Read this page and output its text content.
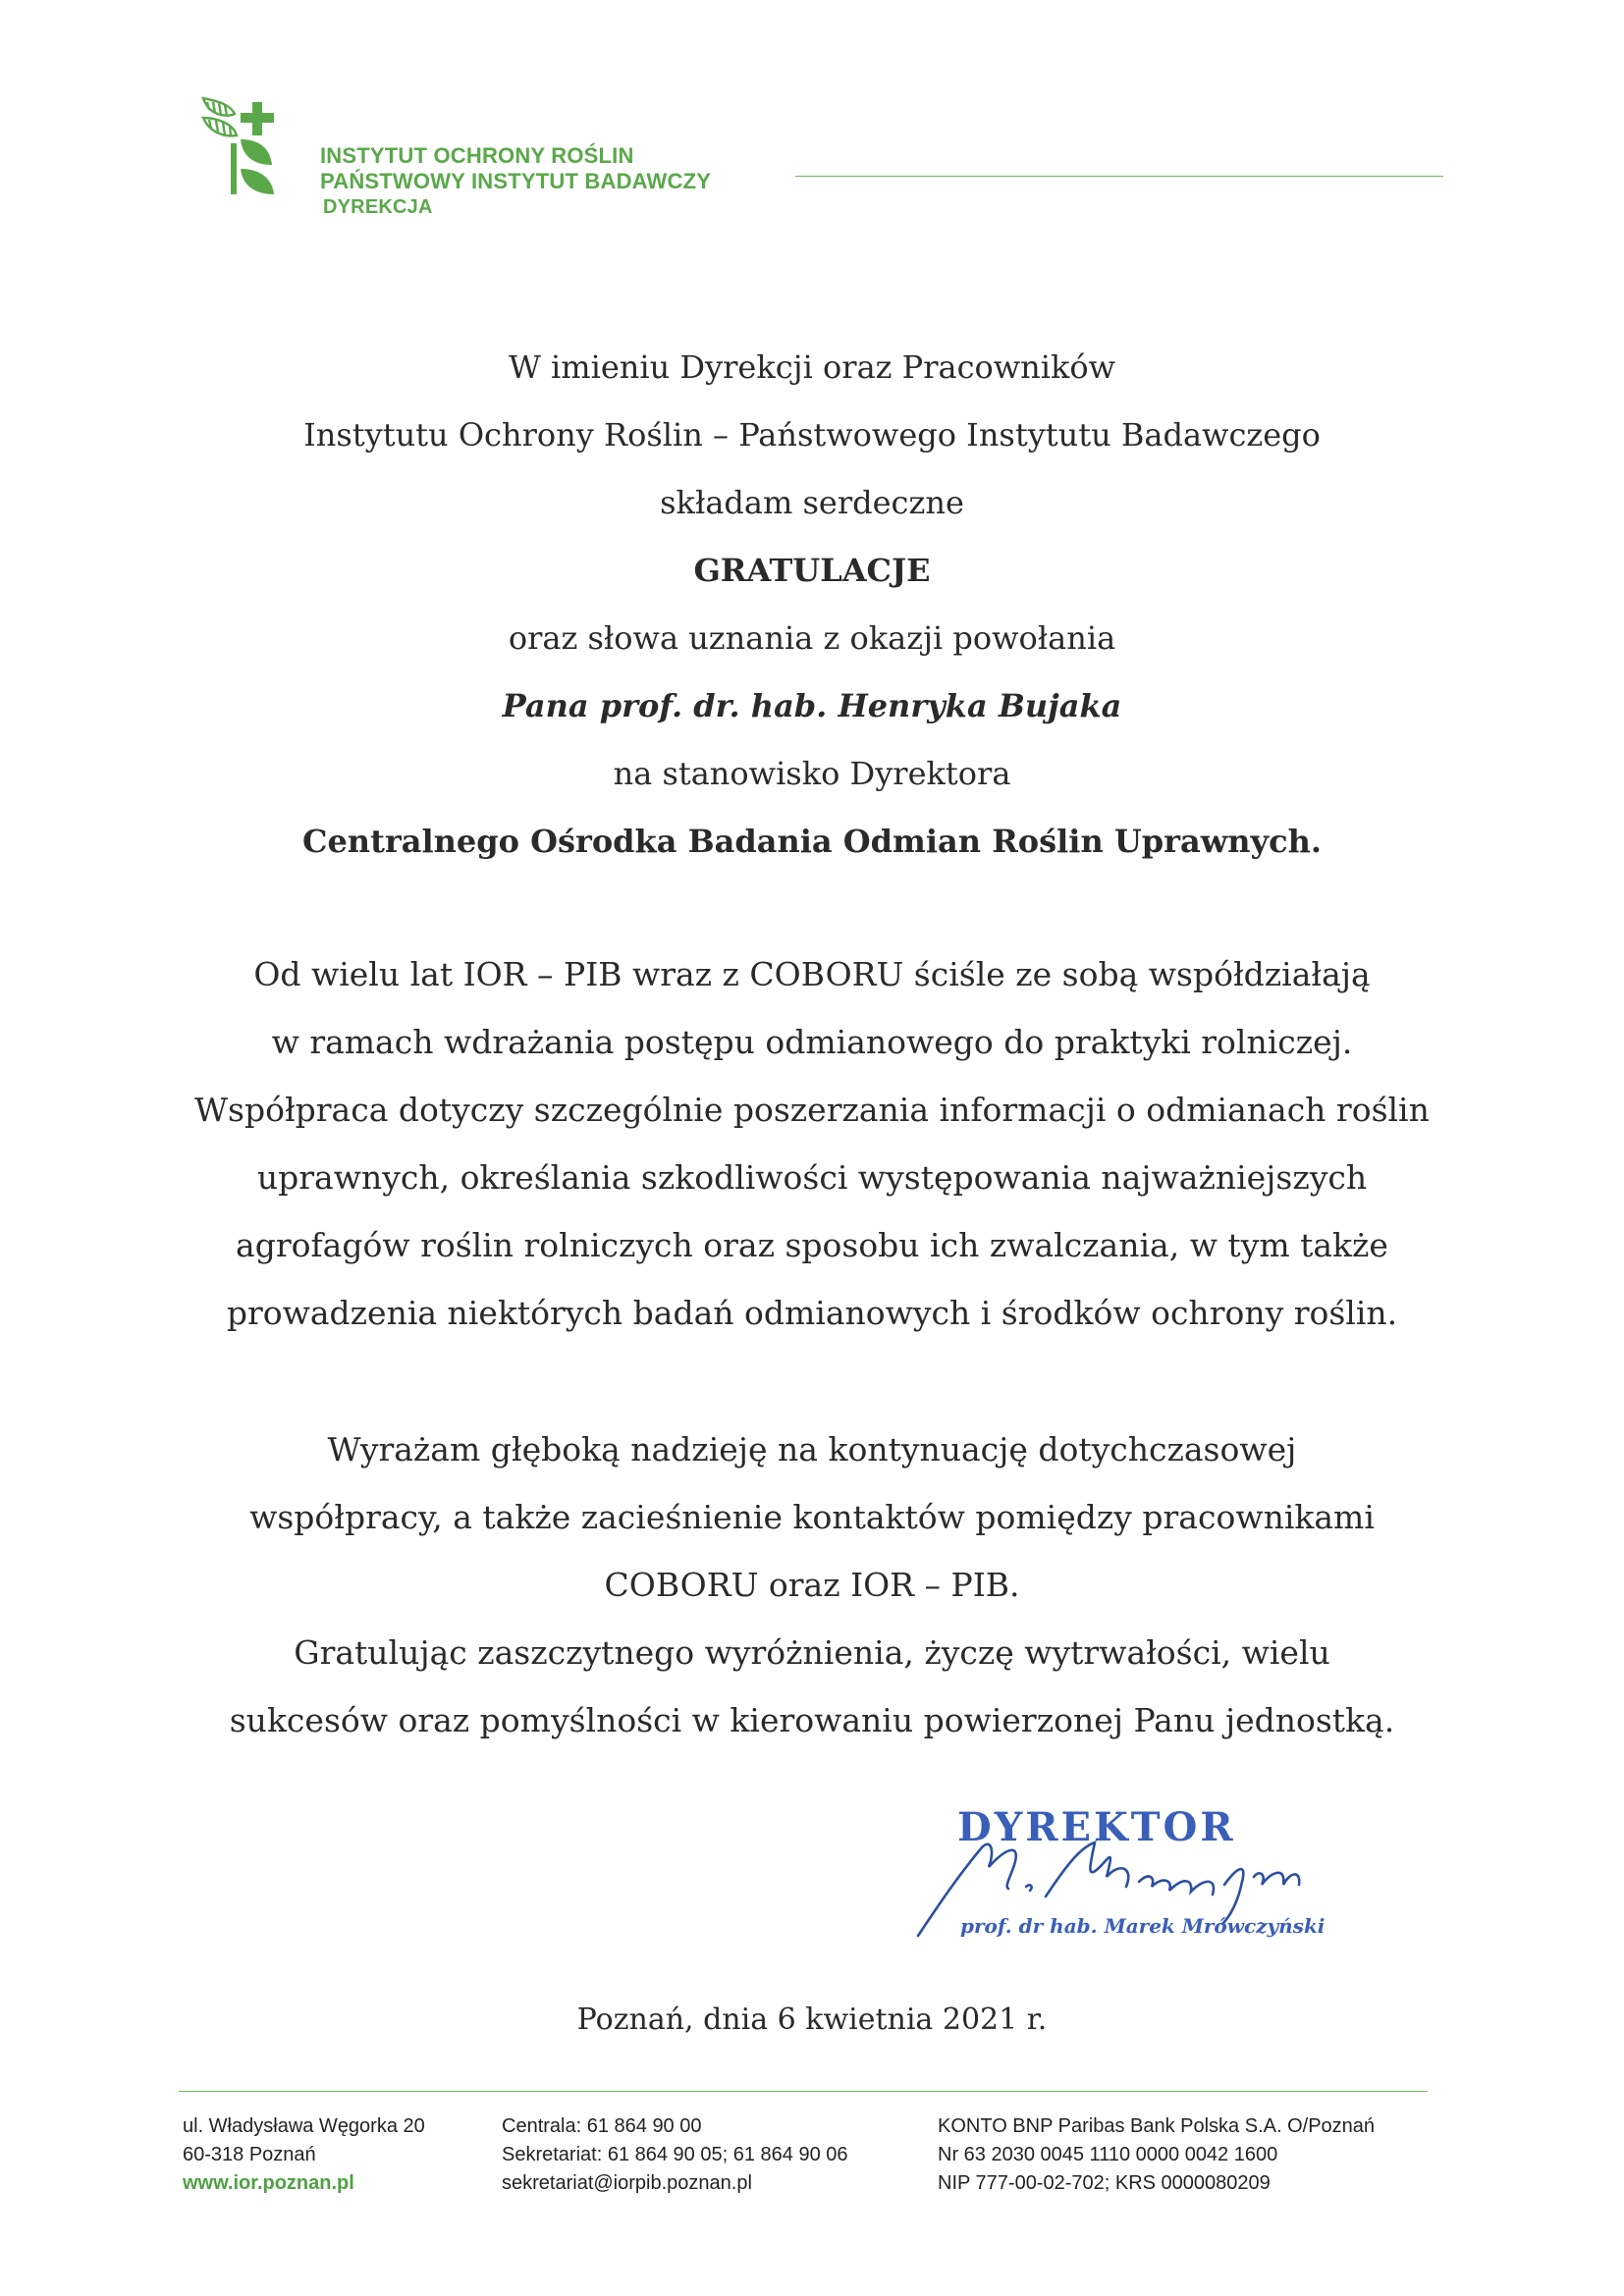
INSTYTUT OCHRONY ROŚLIN
PAŃSTWOWY INSTYTUT BADAWCZY
DYREKCJA
W imieniu Dyrekcji oraz Pracowników
Instytutu Ochrony Roślin – Państwowego Instytutu Badawczego
składam serdeczne
GRATULACJE
oraz słowa uznania z okazji powołania
Pana prof. dr. hab. Henryka Bujaka
na stanowisko Dyrektora
Centralnego Ośrodka Badania Odmian Roślin Uprawnych.
Od wielu lat IOR – PIB wraz z COBORU ściśle ze sobą współdziałają
w ramach wdrażania postępu odmianowego do praktyki rolniczej.
Współpraca dotyczy szczególnie poszerzania informacji o odmianach roślin
uprawnych, określania szkodliwości występowania najważniejszych
agrofagów roślin rolniczych oraz sposobu ich zwalczania, w tym także
prowadzenia niektórych badań odmianowych i środków ochrony roślin.
Wyrażam głęboką nadzieję na kontynuację dotychczasowej
współpracy, a także zacieśnienie kontaktów pomiędzy pracownikami
COBORU oraz IOR – PIB.
Gratulując zaszczytnego wyróżnienia, życzę wytrwałości, wielu
sukcesów oraz pomyślności w kierowaniu powierzonej Panu jednostką.
DYREKTOR
prof. dr hab. Marek Mrówczyński
Poznań, dnia 6 kwietnia 2021 r.
ul. Władysława Węgorka 20
60-318 Poznań
www.ior.poznan.pl
Centrala: 61 864 90 00
Sekretariat: 61 864 90 05; 61 864 90 06
sekretariat@iorpib.poznan.pl
KONTO BNP Paribas Bank Polska S.A. O/Poznań
Nr 63 2030 0045 1110 0000 0042 1600
NIP 777-00-02-702; KRS 0000080209
